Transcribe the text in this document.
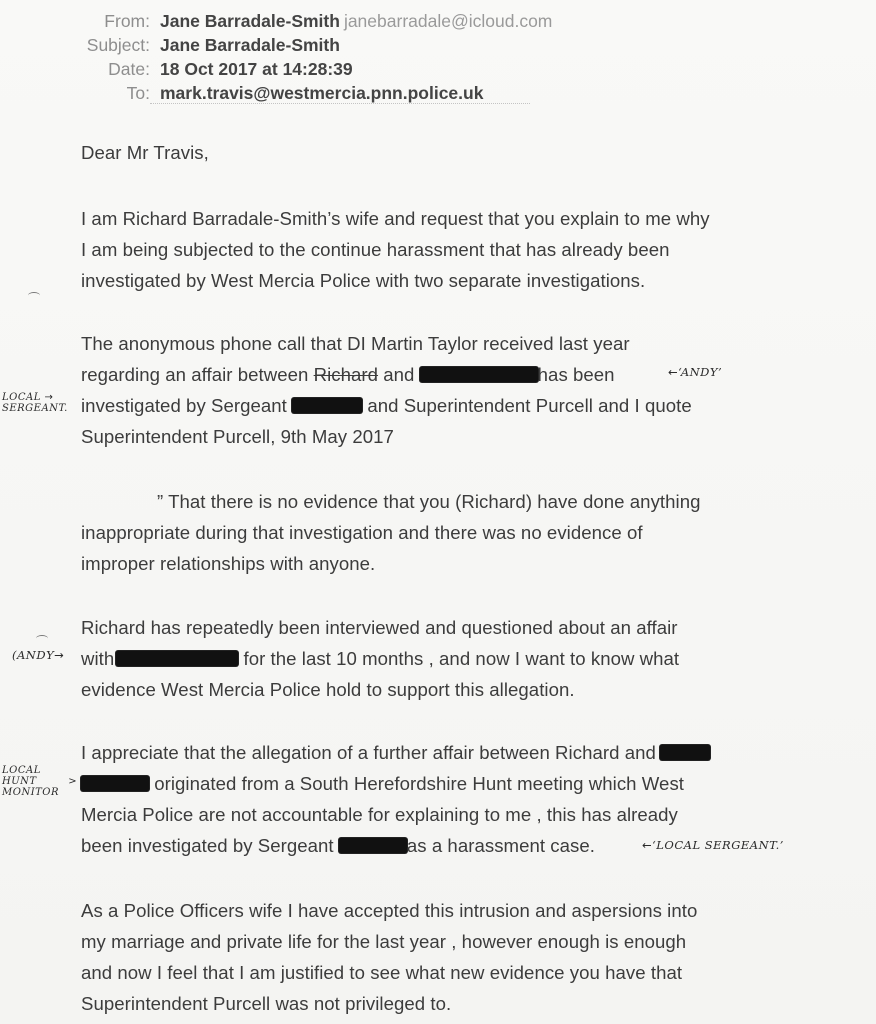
From: Jane Barradale-Smith janebarradale@icloud.com
Subject: Jane Barradale-Smith
Date: 18 Oct 2017 at 14:28:39
To: mark.travis@westmercia.pnn.police.uk
Dear Mr Travis,
I am Richard Barradale-Smith’s wife and request that you explain to me why
I am being subjected to the continue harassment that has already been
investigated by West Mercia Police with two separate investigations.
The anonymous phone call that DI Martin Taylor received last year
regarding an affair between Richard and	has been
investigated by Sergeant	and Superintendent Purcell and I quote
Superintendent Purcell, 9th May 2017
←‘ANDY’
LOCAL →
SERGEANT.
” That there is no evidence that you (Richard) have done anything
inappropriate during that investigation and there was no evidence of
improper relationships with anyone.
Richard has repeatedly been interviewed and questioned about an affair
with	for the last 10 months , and now I want to know what
evidence West Mercia Police hold to support this allegation.
(ANDY→
I appreciate that the allegation of a further affair between Richard and
originated from a South Herefordshire Hunt meeting which West
Mercia Police are not accountable for explaining to me , this has already
been investigated by Sergeant	as a harassment case.
LOCAL
HUNT	>
MONITOR
←‘LOCAL SERGEANT.’
As a Police Officers wife I have accepted this intrusion and aspersions into
my marriage and private life for the last year , however enough is enough
and now I feel that I am justified to see what new evidence you have that
Superintendent Purcell was not privileged to.
